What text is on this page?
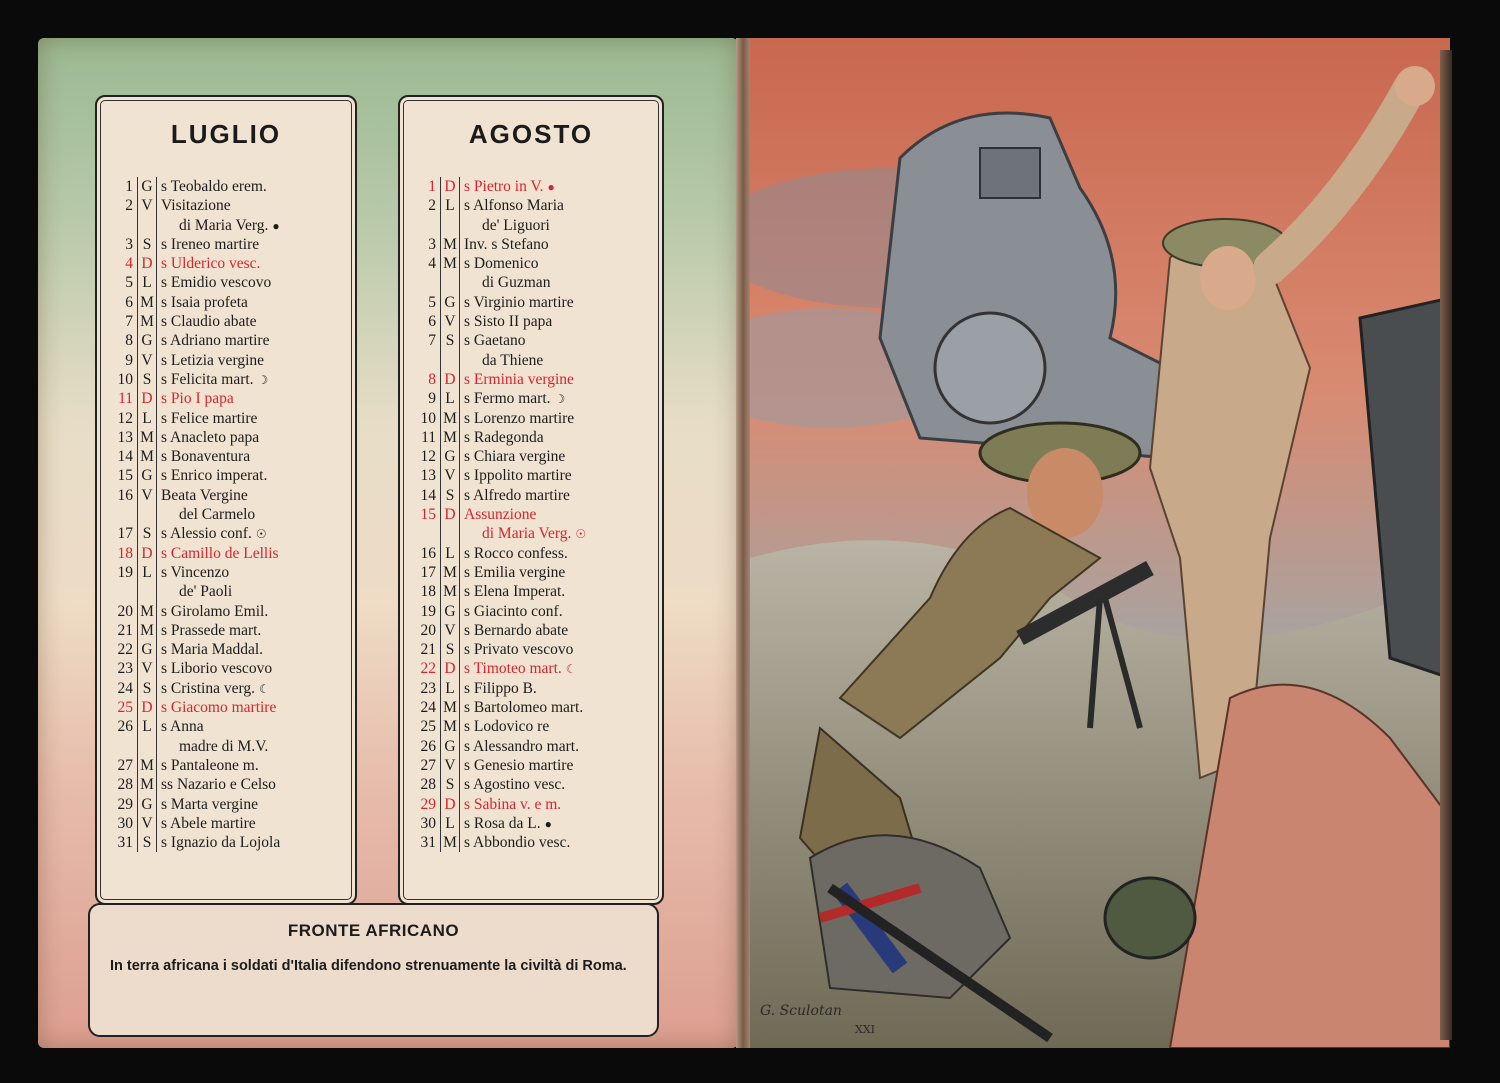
LUGLIO
1 G s Teobaldo erem.
2 V Visitazione
di Maria Verg. ●
3 S s Ireneo martire
4 D s Ulderico vesc.
5 L s Emidio vescovo
6 M s Isaia profeta
7 M s Claudio abate
8 G s Adriano martire
9 V s Letizia vergine
10 S s Felicita mart. ☽
11 D s Pio I papa
12 L s Felice martire
13 M s Anacleto papa
14 M s Bonaventura
15 G s Enrico imperat.
16 V Beata Vergine
del Carmelo
17 S s Alessio conf. ☉
18 D s Camillo de Lellis
19 L s Vincenzo
de' Paoli
20 M s Girolamo Emil.
21 M s Prassede mart.
22 G s Maria Maddal.
23 V s Liborio vescovo
24 S s Cristina verg. ☾
25 D s Giacomo martire
26 L s Anna
madre di M.V.
27 M s Pantaleone m.
28 M ss Nazario e Celso
29 G s Marta vergine
30 V s Abele martire
31 S s Ignazio da Lojola
AGOSTO
1 D s Pietro in V. ●
2 L s Alfonso Maria
de' Liguori
3 M Inv. s Stefano
4 M s Domenico
di Guzman
5 G s Virginio martire
6 V s Sisto II papa
7 S s Gaetano
da Thiene
8 D s Erminia vergine
9 L s Fermo mart. ☽
10 M s Lorenzo martire
11 M s Radegonda
12 G s Chiara vergine
13 V s Ippolito martire
14 S s Alfredo martire
15 D Assunzione
di Maria Verg. ☉
16 L s Rocco confess.
17 M s Emilia vergine
18 M s Elena Imperat.
19 G s Giacinto conf.
20 V s Bernardo abate
21 S s Privato vescovo
22 D s Timoteo mart. ☾
23 L s Filippo B.
24 M s Bartolomeo mart.
25 M s Lodovico re
26 G s Alessandro mart.
27 V s Genesio martire
28 S s Agostino vesc.
29 D s Sabina v. e m.
30 L s Rosa da L. ●
31 M s Abbondio vesc.
FRONTE AFRICANO
In terra africana i soldati d'Italia difendono strenuamente la civiltà di Roma.
G. Sculotan
XXI
